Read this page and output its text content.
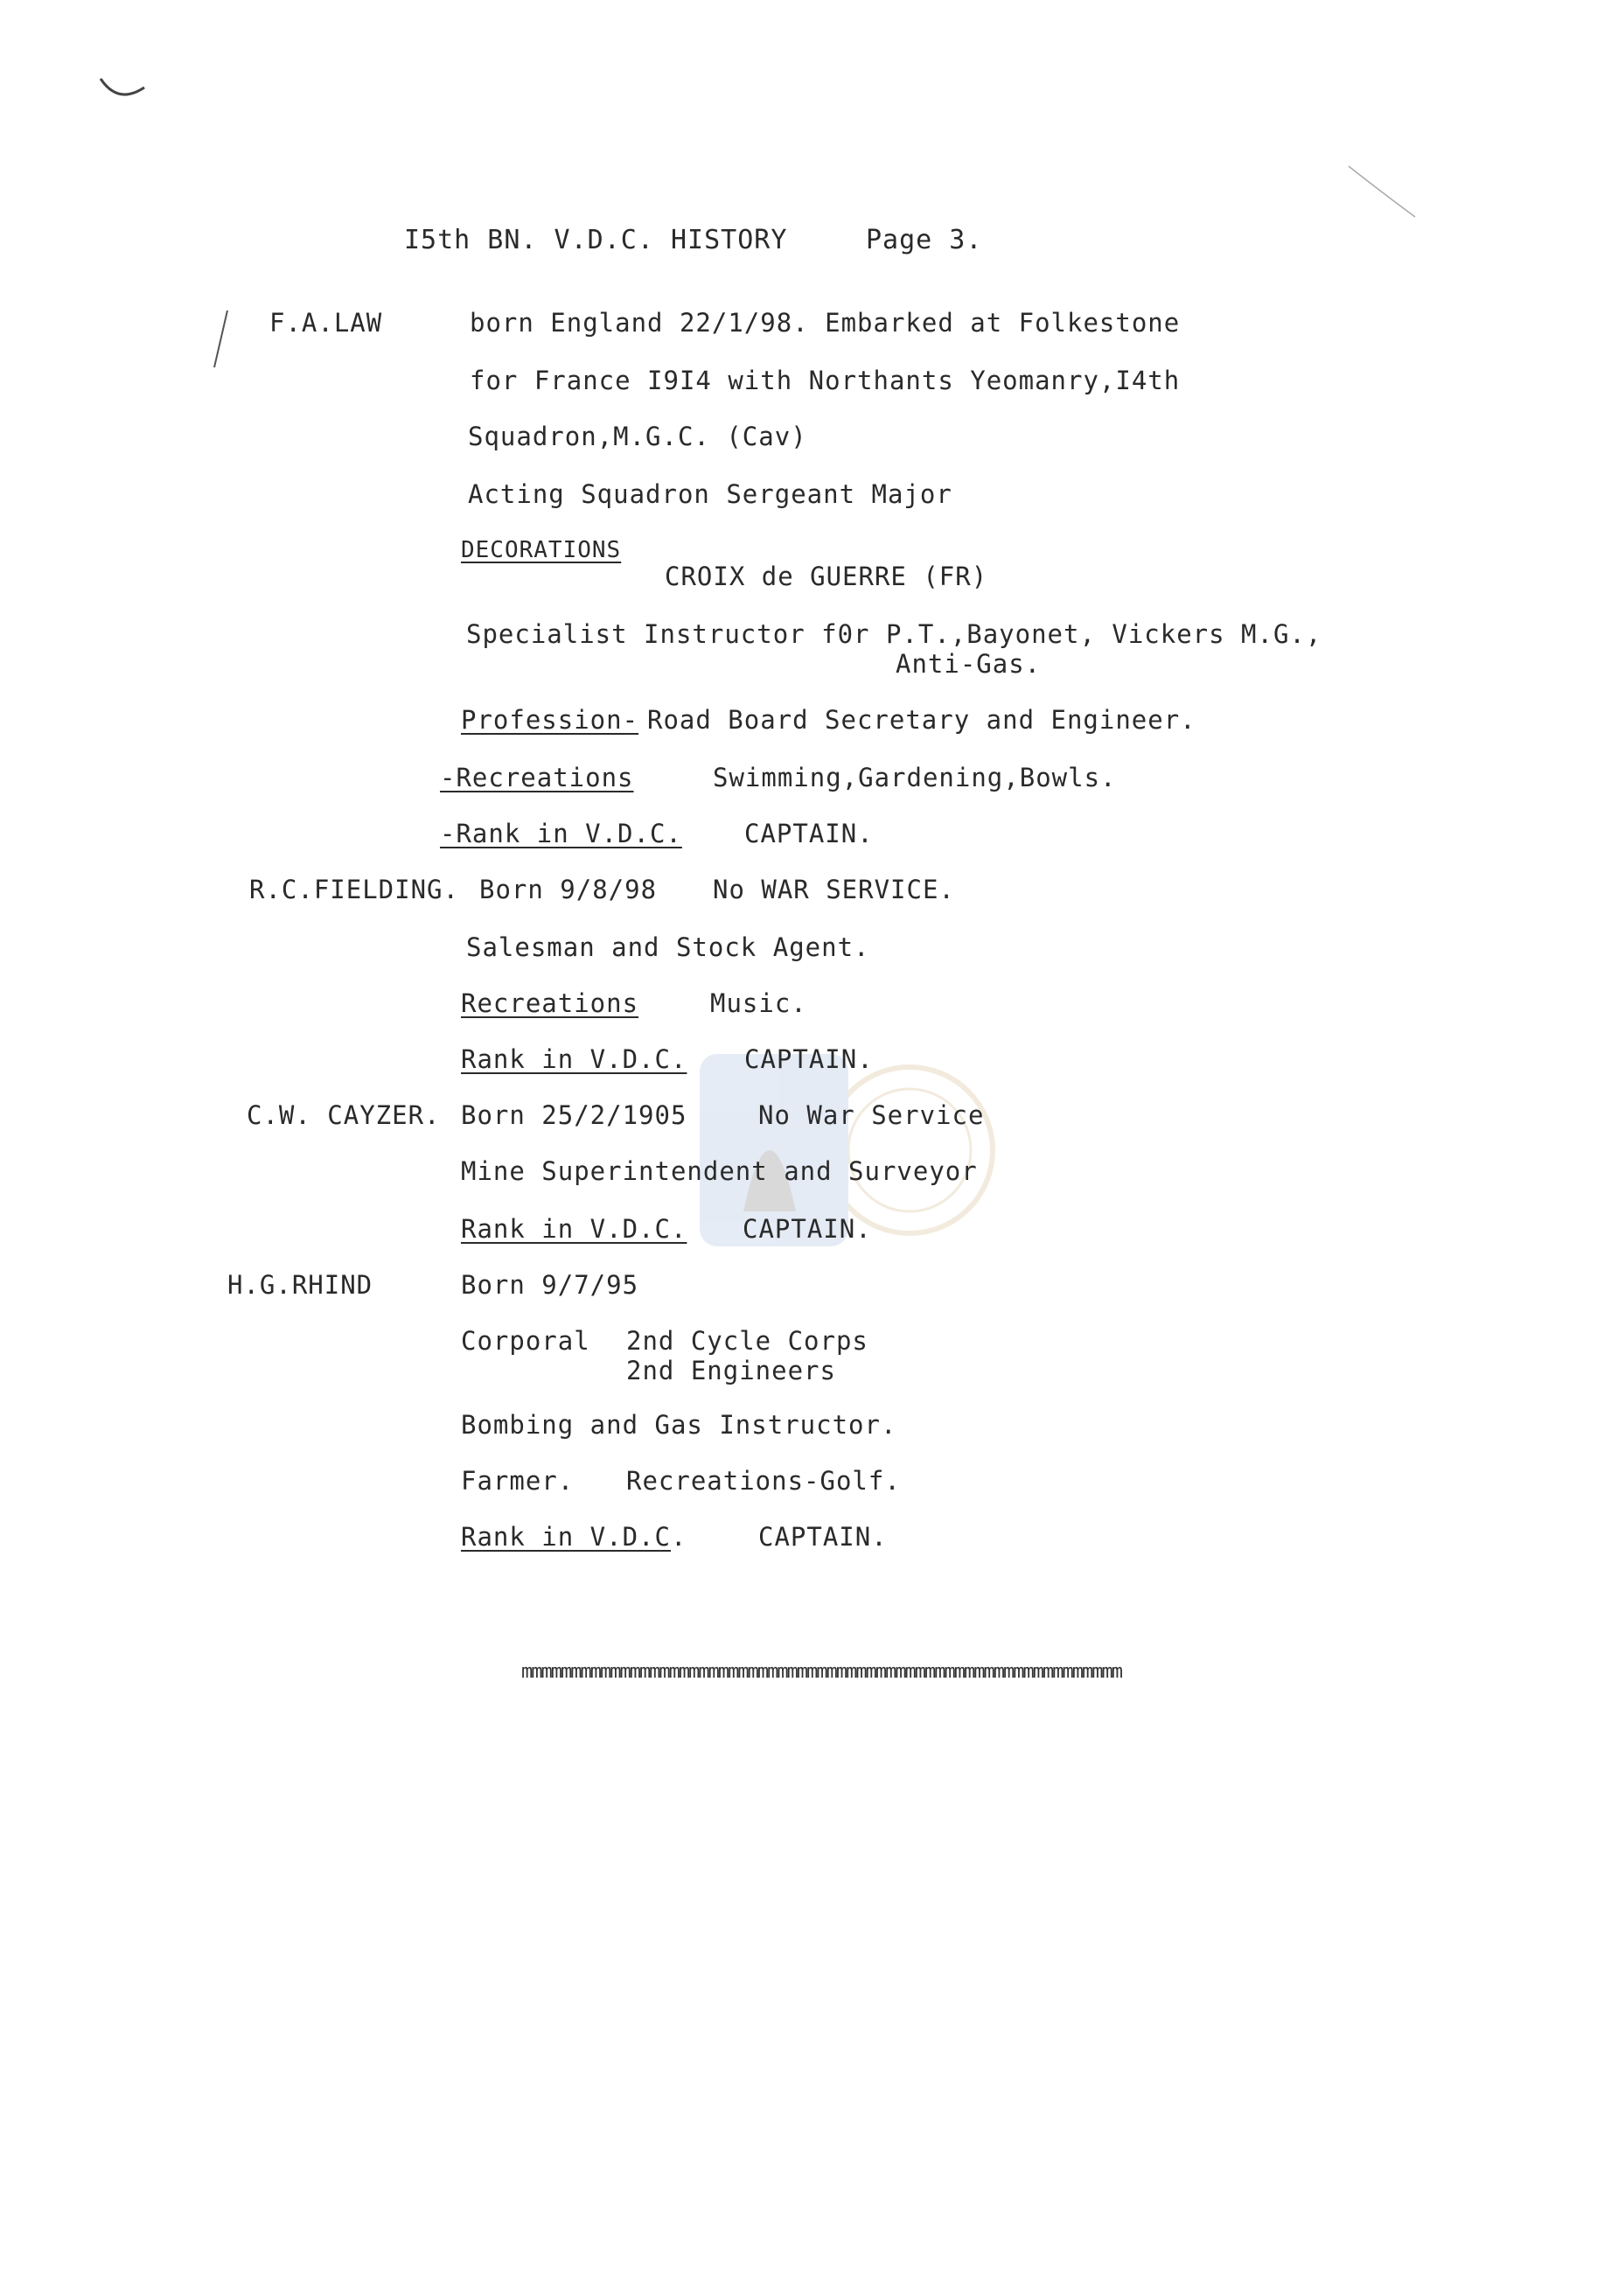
I5th BN. V.D.C. HISTORY	Page 3.
F.A.LAW	born England 22/1/98. Embarked at Folkestone
for France I9I4 with Northants Yeomanry,I4th
Squadron,M.G.C. (Cav)
Acting Squadron Sergeant Major
DECORATIONS
CROIX de GUERRE (FR)
Specialist Instructor f0r P.T.,Bayonet, Vickers M.G.,
Anti-Gas.
Profession- Road Board Secretary and Engineer.
-Recreations	Swimming,Gardening,Bowls.
-Rank in V.D.C. CAPTAIN.
R.C.FIELDING. Born 9/8/98 No WAR SERVICE.
Salesman and Stock Agent.
Recreations	Music.
Rank in V.D.C. CAPTAIN.
C.W. CAYZER. Born 25/2/1905	No War Service
Mine Superintendent and Surveyor
Rank in V.D.C. CAPTAIN.
H.G.RHIND	Born 9/7/95
Corporal 2nd Cycle Corps
2nd Engineers
Bombing and Gas Instructor.
Farmer. Recreations-Golf.
Rank in V.D.C.	CAPTAIN.
mmmmmmmmmmmmmmmmmmmmmmmmmmmmmmmmmmmmmmmmmmmmmmmmmmmmmmmmmmmmm
